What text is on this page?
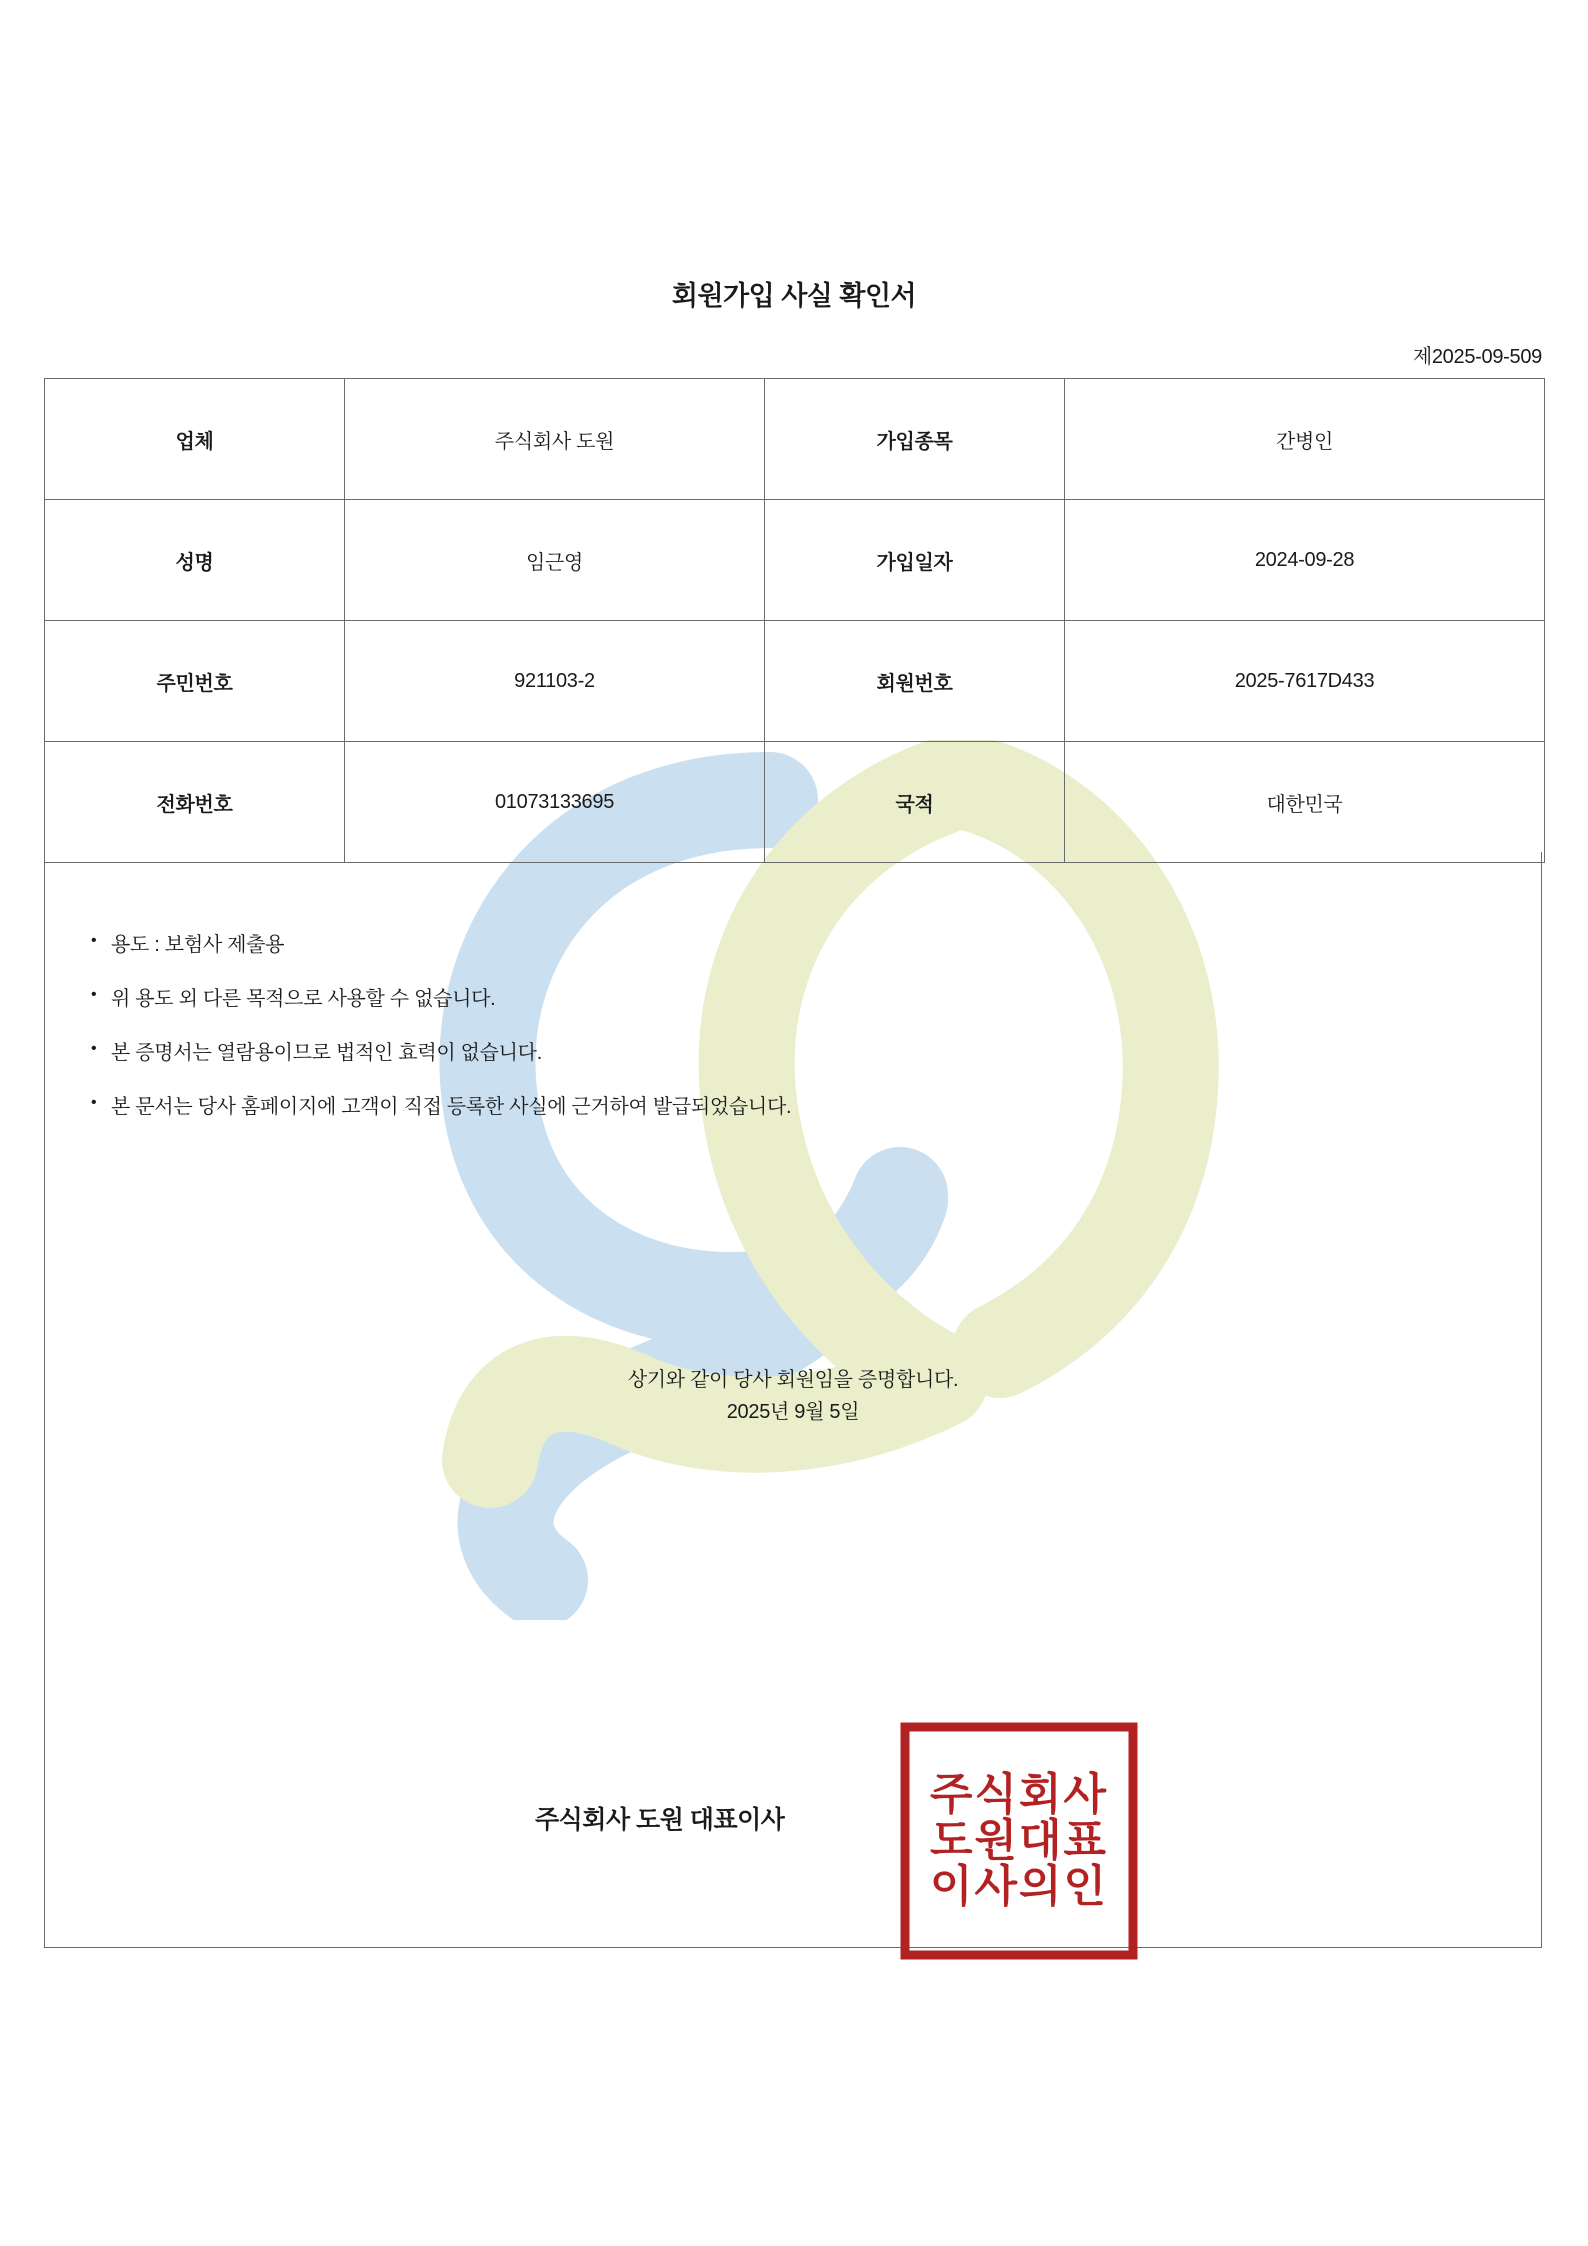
회원가입 사실 확인서
제2025-09-509
업체	주식회사 도원	가입종목	간병인
성명	임근영	가입일자	2024-09-28
주민번호	921103-2	회원번호	2025-7617D433
전화번호	01073133695	국적	대한민국
• 용도 : 보험사 제출용
• 위 용도 외 다른 목적으로 사용할 수 없습니다.
• 본 증명서는 열람용이므로 법적인 효력이 없습니다.
• 본 문서는 당사 홈페이지에 고객이 직접 등록한 사실에 근거하여 발급되었습니다.
상기와 같이 당사 회원임을 증명합니다.
2025년 9월 5일
주식회사 도원 대표이사
주식회사
도원대표
이사의인
